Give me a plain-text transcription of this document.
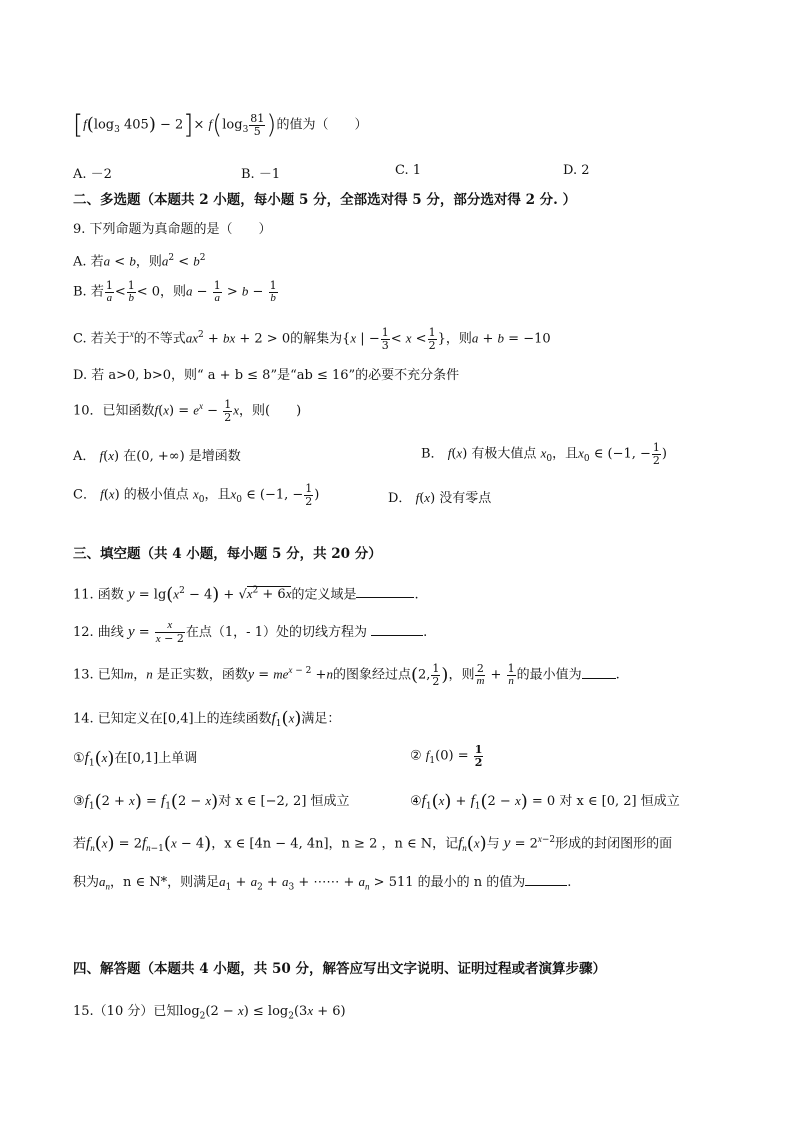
[$f(\log_3$ $405) - 2]\times f(\log_3 \frac{81}{5}$ )的值为（　　）
A. －2	B. －1	C. 1	D. 2
二、多选题（本题共 2 小题，每小题 5 分，全部选对得 5 分，部分选对得 2 分. ）
9. 下列命题为真命题的是（　　）
A. 若a < b，则$a^2 < b^2$
B. 若 $\frac{1}{a} < \frac{1}{b} < 0$，则$a - \frac{1}{a} > b - \frac{1}{b}$
C. 若关于$^x$的不等式$ax^2$ + bx + 2 > 0的解集为{x | − $\frac{1}{3} < x < \frac{1}{2}$ }，则a + b = −10
D. 若 a>0, b>0，则“ a + b ≤ 8”是“ab ≤ 16”的必要不充分条件
10．已知函数$f(x) = e^x - \frac{1}{2}$ x，则(　　)
A． f(x) 在(0, +∞) 是增函数	B． f(x) 有极大值点 $x_0$，且$x_0$ ∈ (−1, − $\frac{1}{2}$ )
C． f(x) 的极小值点 $x_0$，且$x_0$ ∈ (−1, − $\frac{1}{2}$ )	D． f(x) 没有零点
三、填空题（共 4 小题，每小题 5 分，共 20 分）
11. 函数 $y = \lg(x^2 - 4) + √x^2 + 6x$的定义域是	.
12. 曲线 $y = \frac{x}{x - 2}$ 在点（1，- 1）处的切线方程为	.
13. 已知m，n 是正实数，函数$y = me^{x - 2} +n$的图象经过点(2, $\frac{1}{2}$ )，则 $\frac{2}{m} + \frac{1}{n}$ 的最小值为	.
14. 已知定义在[0,4]上的连续函数$f_1(x)$满足：
$①f_1(x)$在[0,1]上单调	② $f_1(0) = \frac{1}{2}$
$③f_1(2 + x) = f_1(2 - x)$对 x ∈ [−2, 2] 恒成立	$④f_1(x) + f_1(2 - x) = 0$ 对 x ∈ [0, 2] 恒成立
若$f_n(x) = 2f_{n-1}(x - 4)$，x ∈ [4n − 4, 4n]，n ≥ 2 ，n ∈ N，记$f_n(x)$与 $y = 2^{x-2}$形成的封闭图形的面
积为$a_n$，n ∈ N*，则满足$a_1 + a_2 + a_3$ + ⋯⋯ + $a_n > 511$ 的最小的 n 的值为	.
四、解答题（本题共 4 小题，共 50 分，解答应写出文字说明、证明过程或者演算步骤）
15.（10 分）已知$\log_2(2 - x) \le \log_2(3x + 6)$
